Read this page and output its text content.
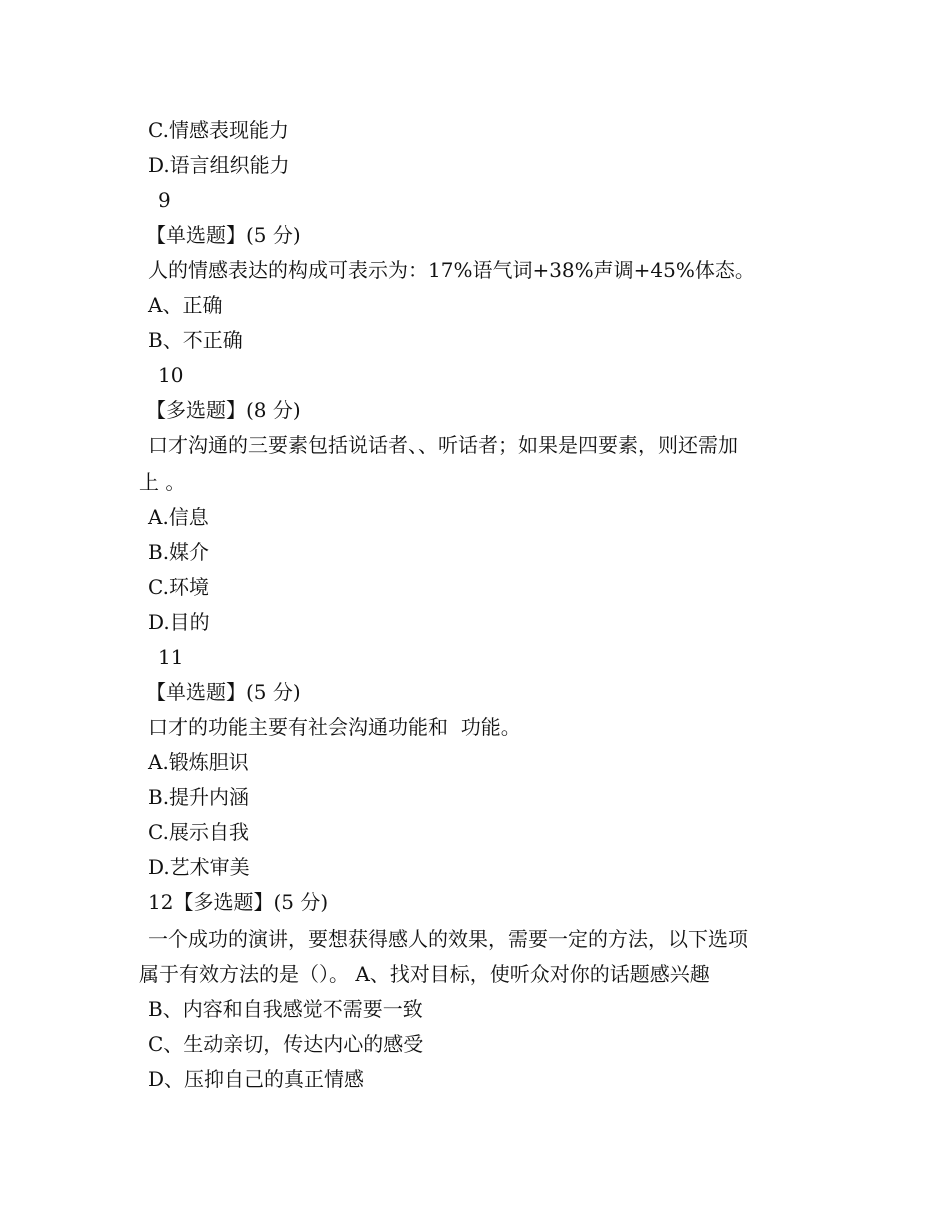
C.情感表现能力
D.语言组织能力
9
【单选题】(5 分)
人的情感表达的构成可表示为：17%语气词+38%声调+45%体态。
A、正确
B、不正确
10
【多选题】(8 分)
口才沟通的三要素包括说话者、、听话者；如果是四要素，则还需加
上 。
A.信息
B.媒介
C.环境
D.目的
11
【单选题】(5 分)
口才的功能主要有社会沟通功能和  功能。
A.锻炼胆识
B.提升内涵
C.展示自我
D.艺术审美
12【多选题】(5 分)
一个成功的演讲，要想获得感人的效果，需要一定的方法，以下选项
属于有效方法的是（）。 A、找对目标，使听众对你的话题感兴趣
B、内容和自我感觉不需要一致
C、生动亲切，传达内心的感受
D、压抑自己的真正情感
